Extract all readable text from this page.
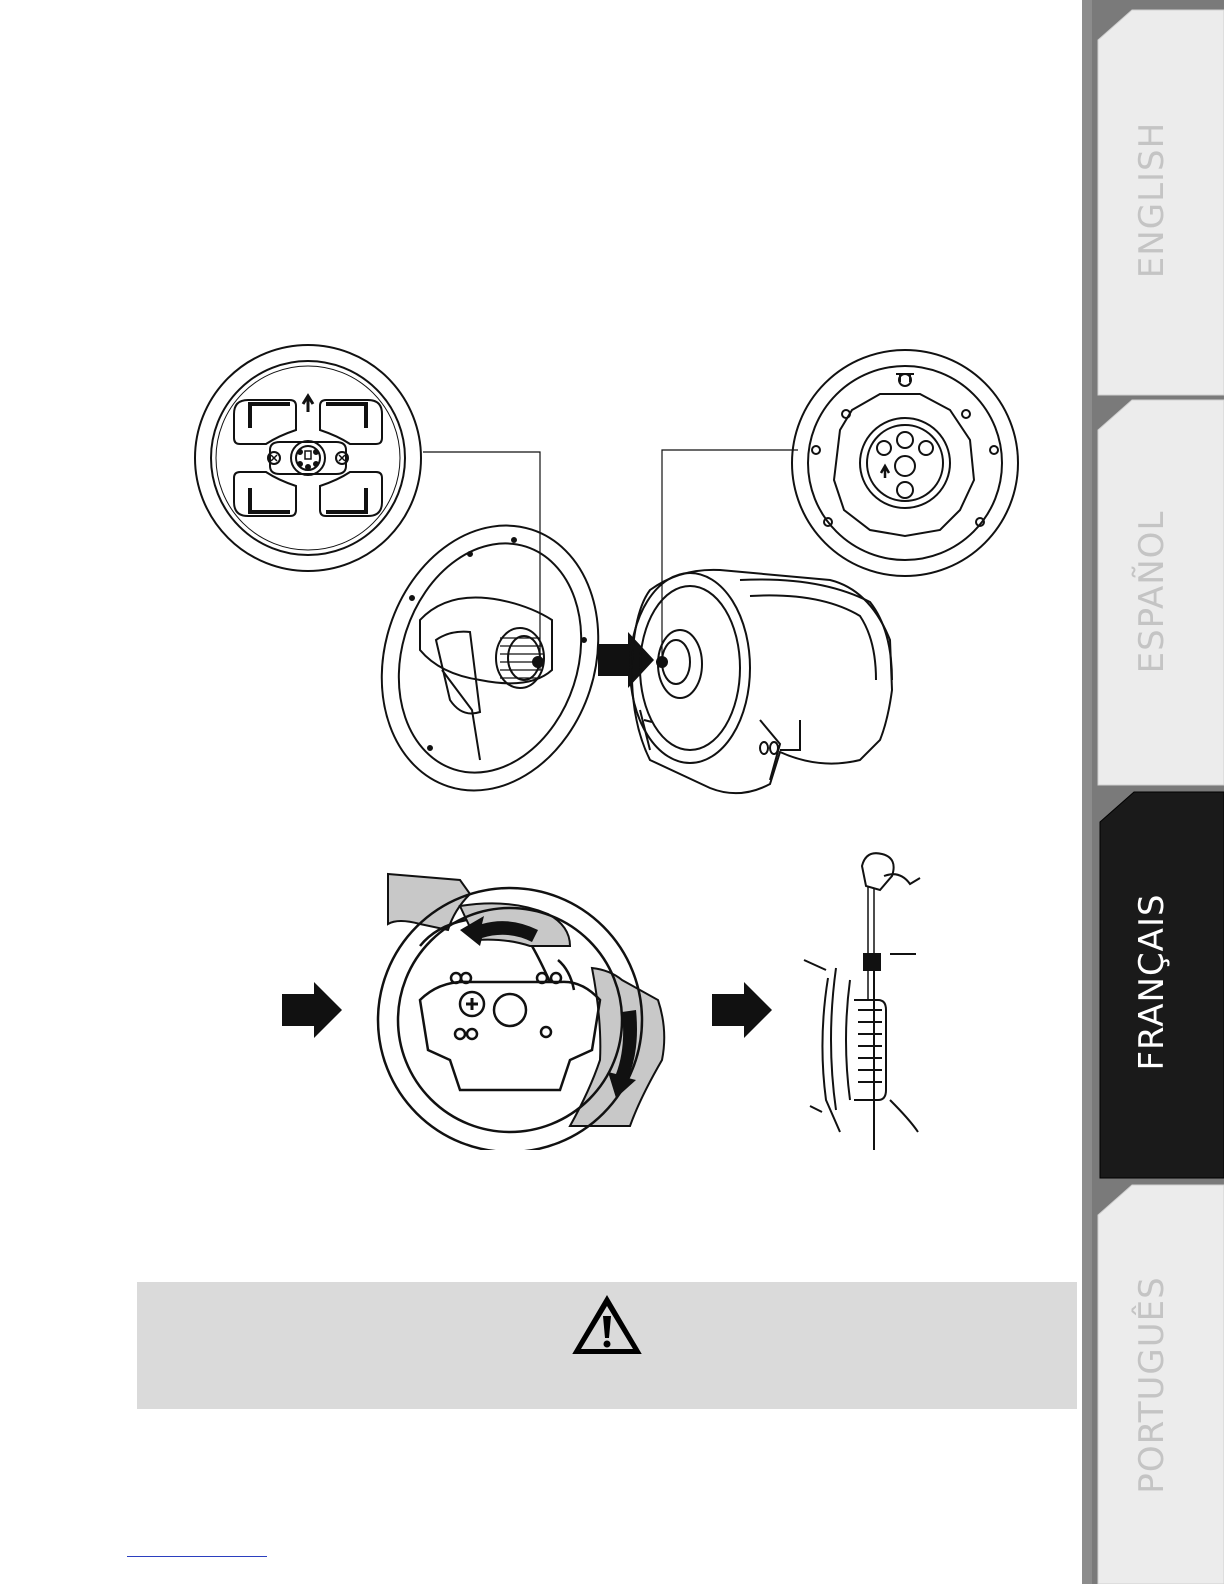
ENGLISH
ESPAÑOL
FRANÇAIS
PORTUGUÊS
